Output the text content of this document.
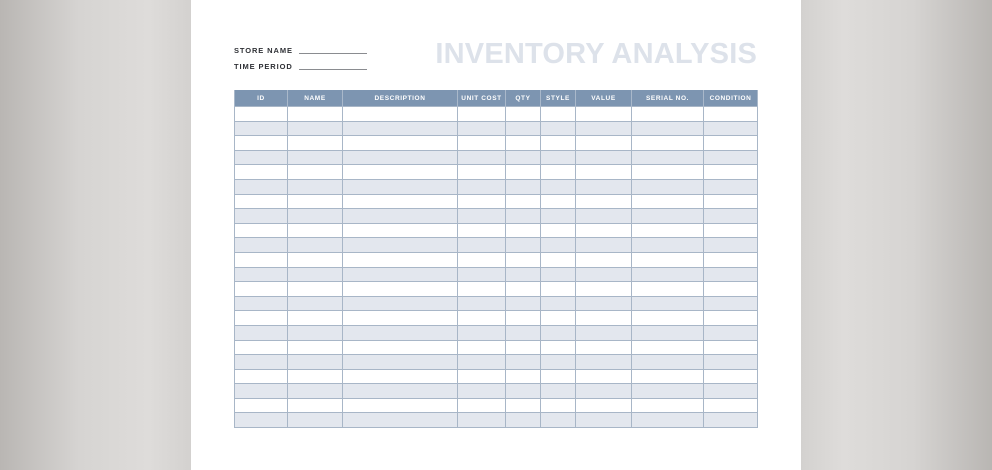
STORE NAME
TIME PERIOD	INVENTORY ANALYSIS
ID	NAME	DESCRIPTION	UNIT COST	QTY	STYLE	VALUE	SERIAL NO.	CONDITION
